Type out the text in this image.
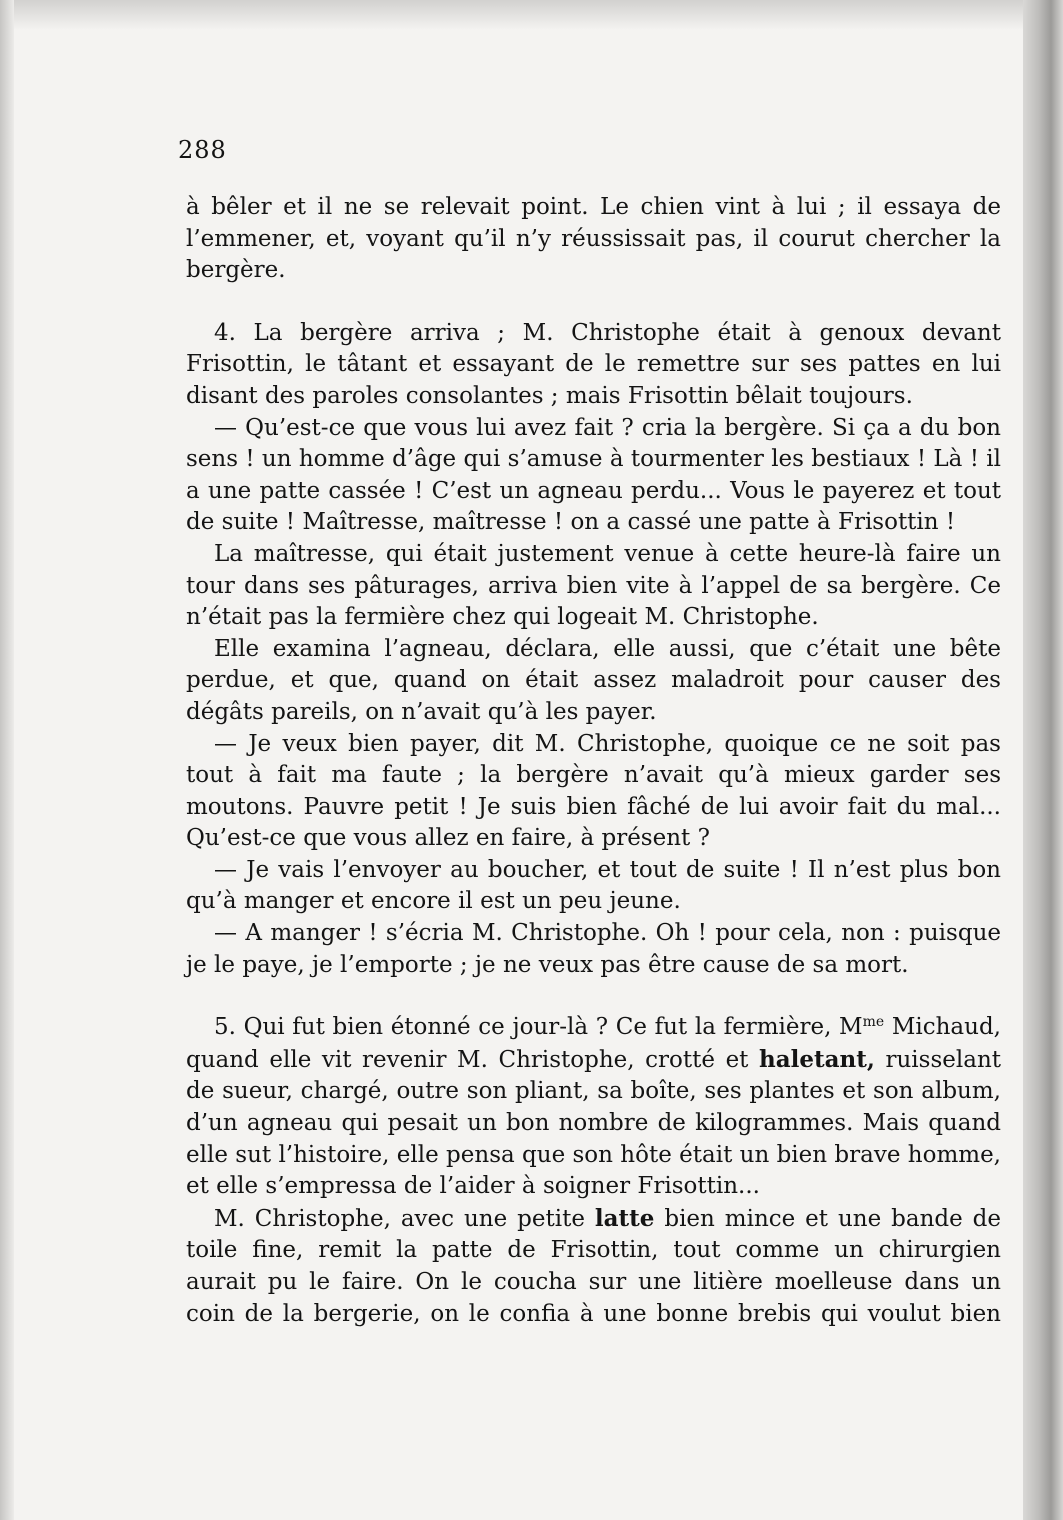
288

à bêler et il ne se relevait point. Le chien vint à lui ; il essaya de l’emmener, et, voyant qu’il n’y réussissait pas, il courut chercher la bergère.

4. La bergère arriva ; M. Christophe était à genoux devant Frisottin, le tâtant et essayant de le remettre sur ses pattes en lui disant des paroles consolantes ; mais Frisottin bêlait toujours.

— Qu’est-ce que vous lui avez fait ? cria la bergère. Si ça a du bon sens ! un homme d’âge qui s’amuse à tourmenter les bestiaux ! Là ! il a une patte cassée ! C’est un agneau perdu... Vous le payerez et tout de suite ! Maîtresse, maîtresse ! on a cassé une patte à Frisottin !

La maîtresse, qui était justement venue à cette heure-là faire un tour dans ses pâturages, arriva bien vite à l’appel de sa bergère. Ce n’était pas la fermière chez qui logeait M. Christophe.

Elle examina l’agneau, déclara, elle aussi, que c’était une bête perdue, et que, quand on était assez maladroit pour causer des dégâts pareils, on n’avait qu’à les payer.

— Je veux bien payer, dit M. Christophe, quoique ce ne soit pas tout à fait ma faute ; la bergère n’avait qu’à mieux garder ses moutons. Pauvre petit ! Je suis bien fâché de lui avoir fait du mal... Qu’est-ce que vous allez en faire, à présent ?

— Je vais l’envoyer au boucher, et tout de suite ! Il n’est plus bon qu’à manger et encore il est un peu jeune.

— A manger ! s’écria M. Christophe. Oh ! pour cela, non : puisque je le paye, je l’emporte ; je ne veux pas être cause de sa mort.

5. Qui fut bien étonné ce jour-là ? Ce fut la fermière, $M^{me}$ Michaud, quand elle vit revenir M. Christophe, crotté et haletant, ruisselant de sueur, chargé, outre son pliant, sa boîte, ses plantes et son album, d’un agneau qui pesait un bon nombre de kilogrammes. Mais quand elle sut l’histoire, elle pensa que son hôte était un bien brave homme, et elle s’empressa de l’aider à soigner Frisottin...

M. Christophe, avec une petite latte bien mince et une bande de toile fine, remit la patte de Frisottin, tout comme un chirurgien aurait pu le faire. On le coucha sur une litière moelleuse dans un coin de la bergerie, on le confia à une bonne brebis qui voulut bien
